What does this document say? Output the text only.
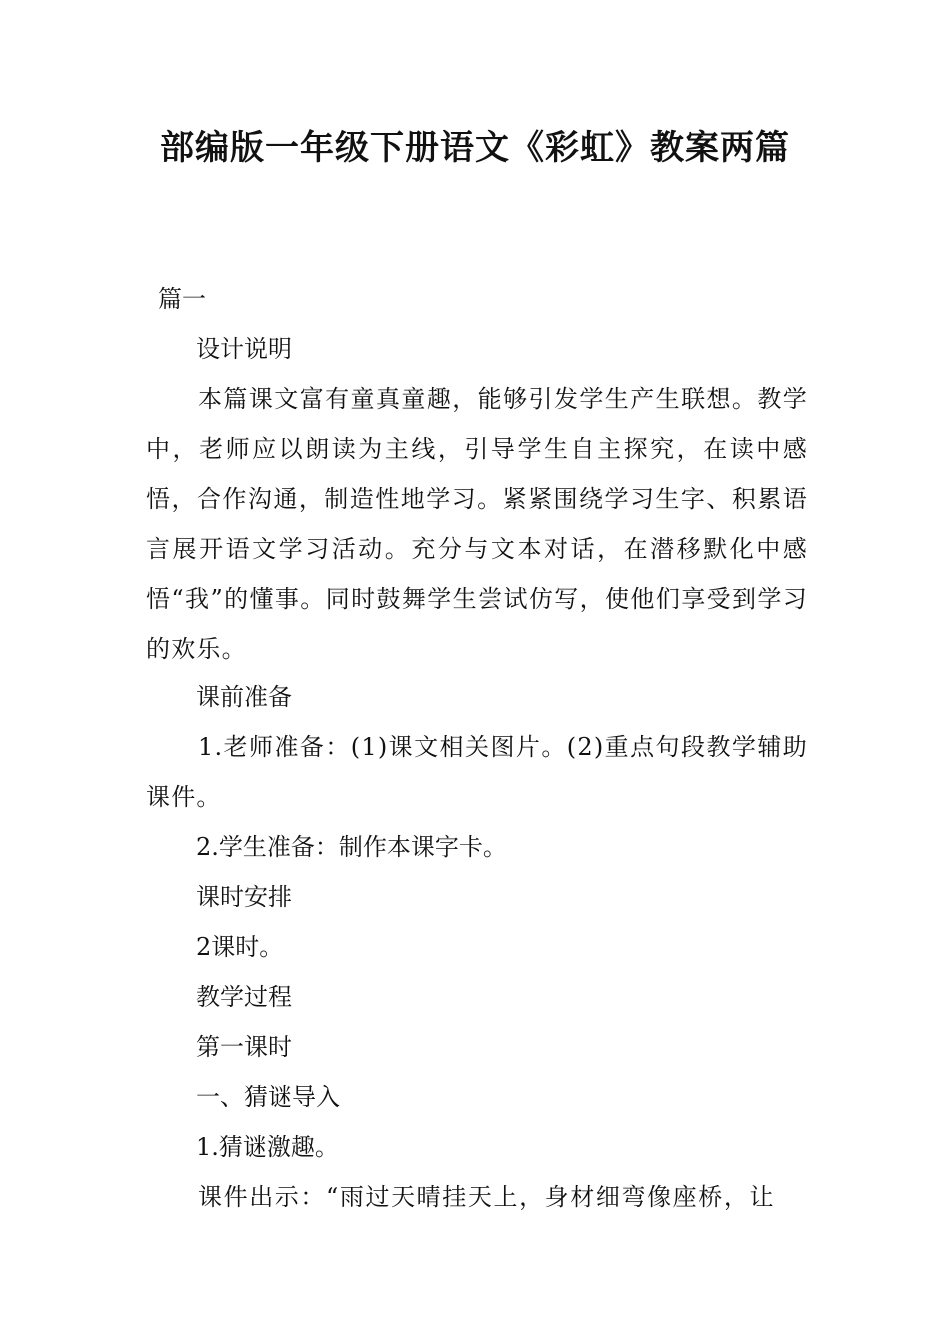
部编版一年级下册语文《彩虹》教案两篇

篇一

设计说明

本篇课文富有童真童趣，能够引发学生产生联想。教学中，老师应以朗读为主线，引导学生自主探究，在读中感悟，合作沟通，制造性地学习。紧紧围绕学习生字、积累语言展开语文学习活动。充分与文本对话，在潜移默化中感悟“我”的懂事。同时鼓舞学生尝试仿写，使他们享受到学习的欢乐。

课前准备

1.老师准备：(1)课文相关图片。(2)重点句段教学辅助课件。

2.学生准备：制作本课字卡。

课时安排

2课时。

教学过程

第一课时

一、猜谜导入

1.猜谜激趣。

课件出示：“雨过天晴挂天上，身材细弯像座桥，让
